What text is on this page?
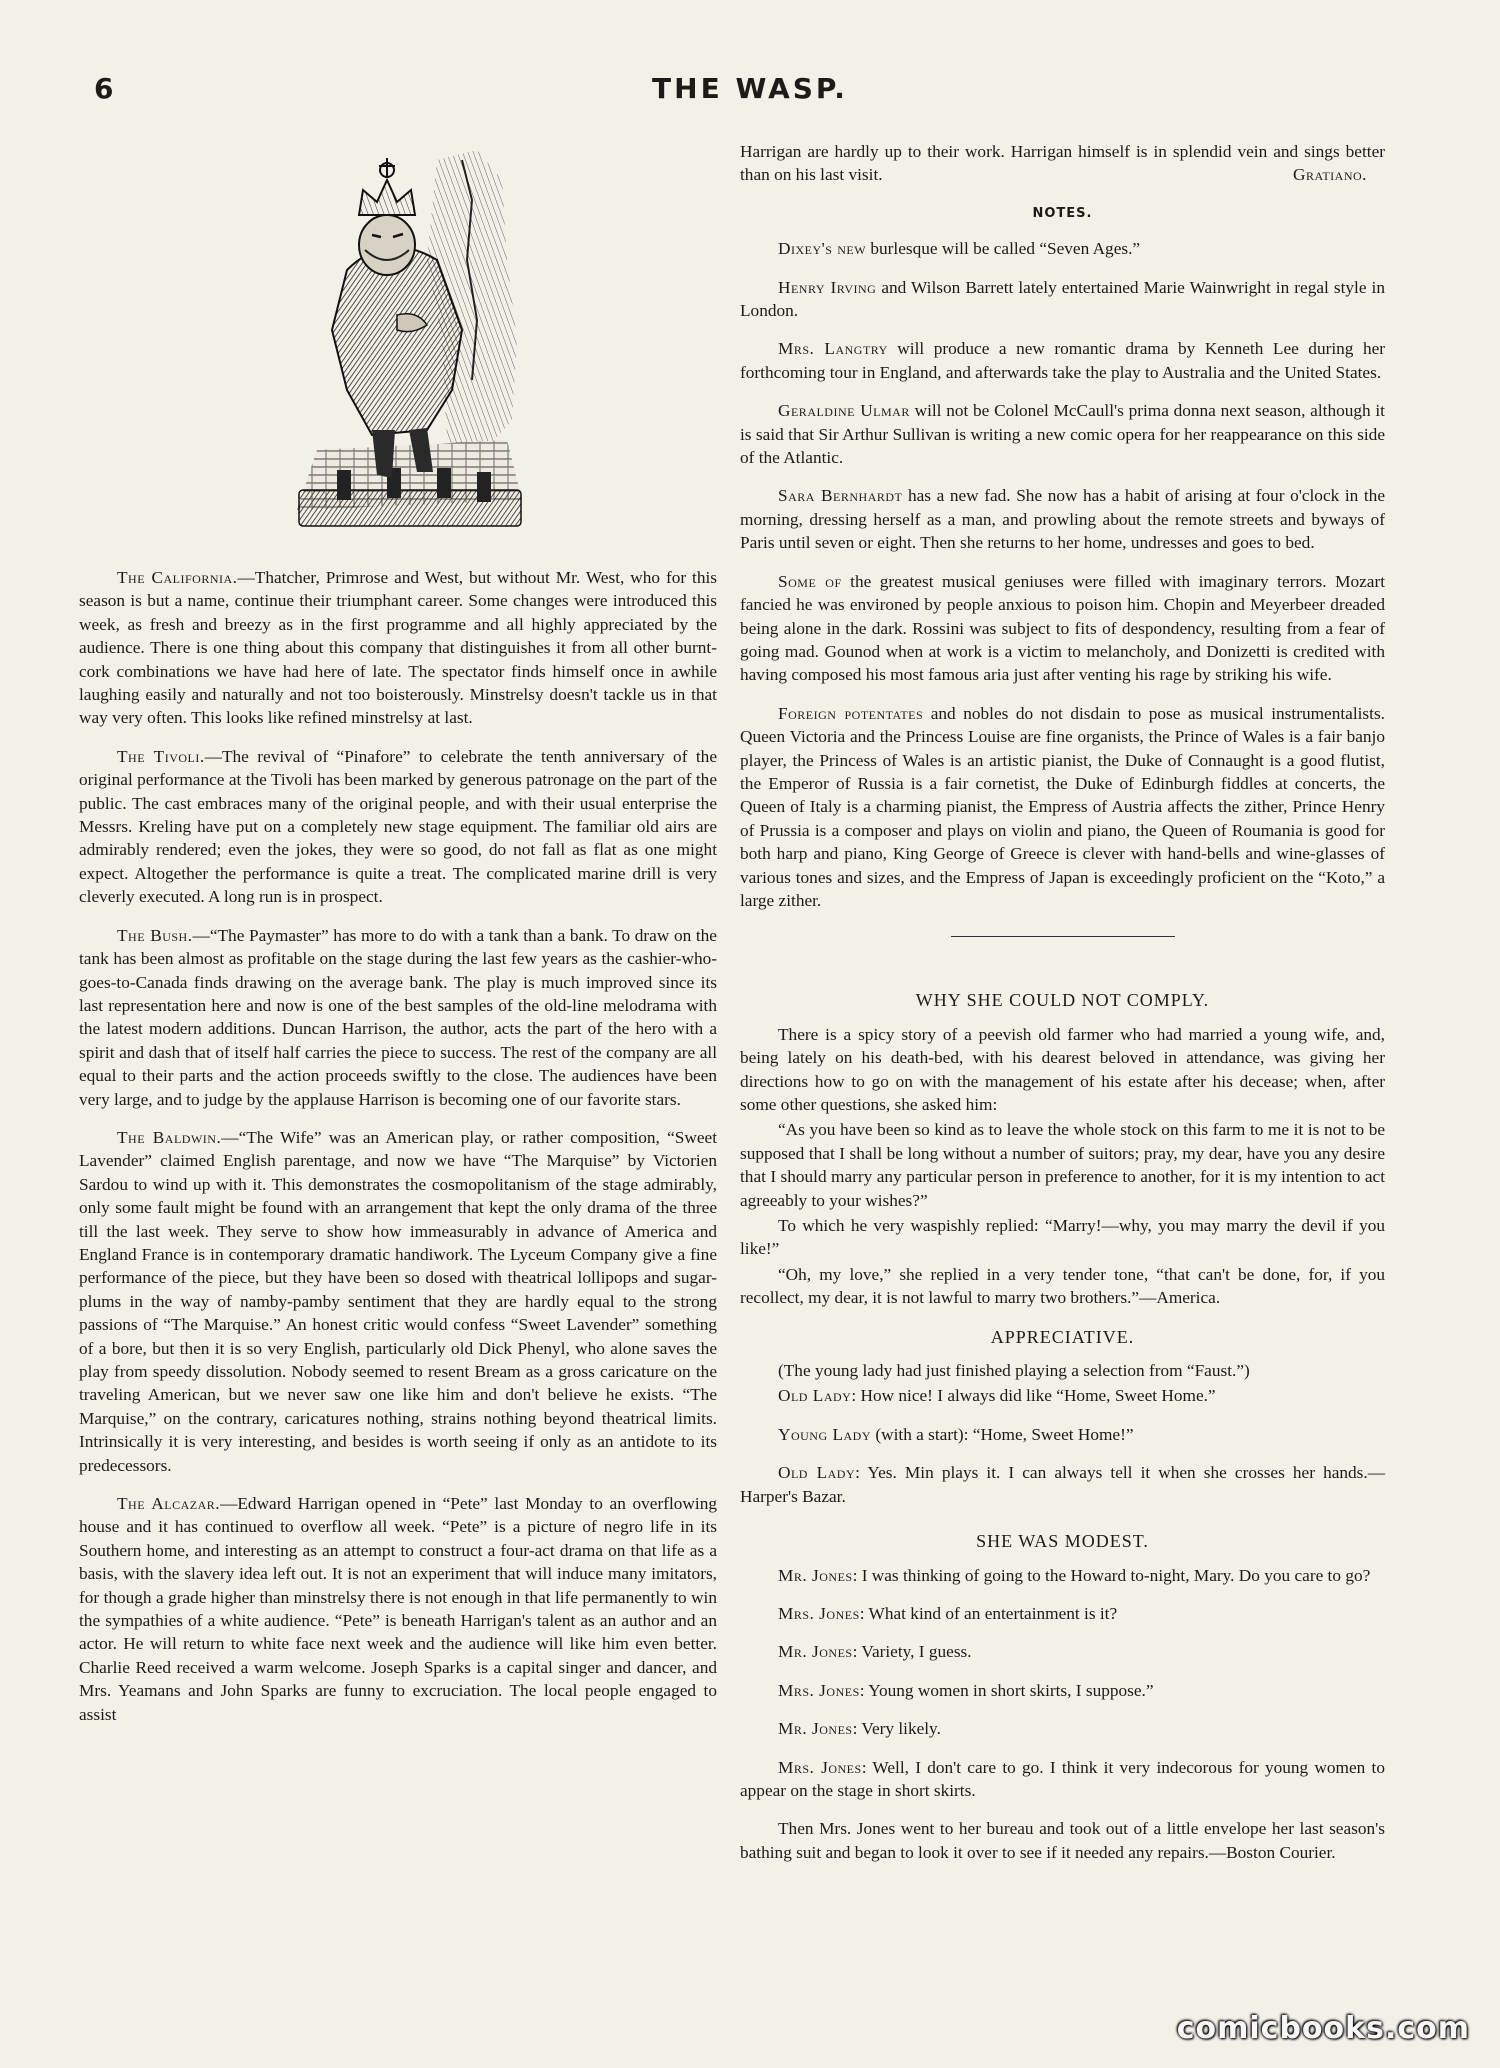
6	THE WASP.

The California.—Thatcher, Primrose and West, but without Mr. West, who for this season is but a name, continue their triumphant career. Some changes were introduced this week, as fresh and breezy as in the first programme and all highly appreciated by the audience. There is one thing about this company that distinguishes it from all other burnt-cork combinations we have had here of late. The spectator finds himself once in awhile laughing easily and naturally and not too boisterously. Minstrelsy doesn't tackle us in that way very often. This looks like refined minstrelsy at last.

The Tivoli.—The revival of “Pinafore” to celebrate the tenth anniversary of the original performance at the Tivoli has been marked by generous patronage on the part of the public. The cast embraces many of the original people, and with their usual enterprise the Messrs. Kreling have put on a completely new stage equipment. The familiar old airs are admirably rendered; even the jokes, they were so good, do not fall as flat as one might expect. Altogether the performance is quite a treat. The complicated marine drill is very cleverly executed. A long run is in prospect.

The Bush.—“The Paymaster” has more to do with a tank than a bank. To draw on the tank has been almost as profitable on the stage during the last few years as the cashier-who-goes-to-Canada finds drawing on the average bank. The play is much improved since its last representation here and now is one of the best samples of the old-line melodrama with the latest modern additions. Duncan Harrison, the author, acts the part of the hero with a spirit and dash that of itself half carries the piece to success. The rest of the company are all equal to their parts and the action proceeds swiftly to the close. The audiences have been very large, and to judge by the applause Harrison is becoming one of our favorite stars.

The Baldwin.—“The Wife” was an American play, or rather composition, “Sweet Lavender” claimed English parentage, and now we have “The Marquise” by Victorien Sardou to wind up with it. This demonstrates the cosmopolitanism of the stage admirably, only some fault might be found with an arrangement that kept the only drama of the three till the last week. They serve to show how immeasurably in advance of America and England France is in contemporary dramatic handiwork. The Lyceum Company give a fine performance of the piece, but they have been so dosed with theatrical lollipops and sugar-plums in the way of namby-pamby sentiment that they are hardly equal to the strong passions of “The Marquise.” An honest critic would confess “Sweet Lavender” something of a bore, but then it is so very English, particularly old Dick Phenyl, who alone saves the play from speedy dissolution. Nobody seemed to resent Bream as a gross caricature on the traveling American, but we never saw one like him and don't believe he exists. “The Marquise,” on the contrary, caricatures nothing, strains nothing beyond theatrical limits. Intrinsically it is very interesting, and besides is worth seeing if only as an antidote to its predecessors.

The Alcazar.—Edward Harrigan opened in “Pete” last Monday to an overflowing house and it has continued to overflow all week. “Pete” is a picture of negro life in its Southern home, and interesting as an attempt to construct a four-act drama on that life as a basis, with the slavery idea left out. It is not an experiment that will induce many imitators, for though a grade higher than minstrelsy there is not enough in that life permanently to win the sympathies of a white audience. “Pete” is beneath Harrigan's talent as an author and an actor. He will return to white face next week and the audience will like him even better. Charlie Reed received a warm welcome. Joseph Sparks is a capital singer and dancer, and Mrs. Yeamans and John Sparks are funny to excruciation. The local people engaged to assist

Harrigan are hardly up to their work. Harrigan himself is in splendid vein and sings better than on his last visit.	Gratiano.

NOTES.

Dixey's new burlesque will be called “Seven Ages.”

Henry Irving and Wilson Barrett lately entertained Marie Wainwright in regal style in London.

Mrs. Langtry will produce a new romantic drama by Kenneth Lee during her forthcoming tour in England, and afterwards take the play to Australia and the United States.

Geraldine Ulmar will not be Colonel McCaull's prima donna next season, although it is said that Sir Arthur Sullivan is writing a new comic opera for her reappearance on this side of the Atlantic.

Sara Bernhardt has a new fad. She now has a habit of arising at four o'clock in the morning, dressing herself as a man, and prowling about the remote streets and byways of Paris until seven or eight. Then she returns to her home, undresses and goes to bed.

Some of the greatest musical geniuses were filled with imaginary terrors. Mozart fancied he was environed by people anxious to poison him. Chopin and Meyerbeer dreaded being alone in the dark. Rossini was subject to fits of despondency, resulting from a fear of going mad. Gounod when at work is a victim to melancholy, and Donizetti is credited with having composed his most famous aria just after venting his rage by striking his wife.

Foreign potentates and nobles do not disdain to pose as musical instrumentalists. Queen Victoria and the Princess Louise are fine organists, the Prince of Wales is a fair banjo player, the Princess of Wales is an artistic pianist, the Duke of Connaught is a good flutist, the Emperor of Russia is a fair cornetist, the Duke of Edinburgh fiddles at concerts, the Queen of Italy is a charming pianist, the Empress of Austria affects the zither, Prince Henry of Prussia is a composer and plays on violin and piano, the Queen of Roumania is good for both harp and piano, King George of Greece is clever with hand-bells and wine-glasses of various tones and sizes, and the Empress of Japan is exceedingly proficient on the “Koto,” a large zither.

WHY SHE COULD NOT COMPLY.

There is a spicy story of a peevish old farmer who had married a young wife, and, being lately on his death-bed, with his dearest beloved in attendance, was giving her directions how to go on with the management of his estate after his decease; when, after some other questions, she asked him:

“As you have been so kind as to leave the whole stock on this farm to me it is not to be supposed that I shall be long without a number of suitors; pray, my dear, have you any desire that I should marry any particular person in preference to another, for it is my intention to act agreeably to your wishes?”

To which he very waspishly replied: “Marry!—why, you may marry the devil if you like!”

“Oh, my love,” she replied in a very tender tone, “that can't be done, for, if you recollect, my dear, it is not lawful to marry two brothers.”—America.

APPRECIATIVE.

(The young lady had just finished playing a selection from “Faust.”)

Old Lady: How nice! I always did like “Home, Sweet Home.”

Young Lady (with a start): “Home, Sweet Home!”

Old Lady: Yes. Min plays it. I can always tell it when she crosses her hands.—Harper's Bazar.

SHE WAS MODEST.

Mr. Jones: I was thinking of going to the Howard to-night, Mary. Do you care to go?

Mrs. Jones: What kind of an entertainment is it?

Mr. Jones: Variety, I guess.

Mrs. Jones: Young women in short skirts, I suppose.”

Mr. Jones: Very likely.

Mrs. Jones: Well, I don't care to go. I think it very indecorous for young women to appear on the stage in short skirts.

Then Mrs. Jones went to her bureau and took out of a little envelope her last season's bathing suit and began to look it over to see if it needed any repairs.—Boston Courier.

comicbooks.com
